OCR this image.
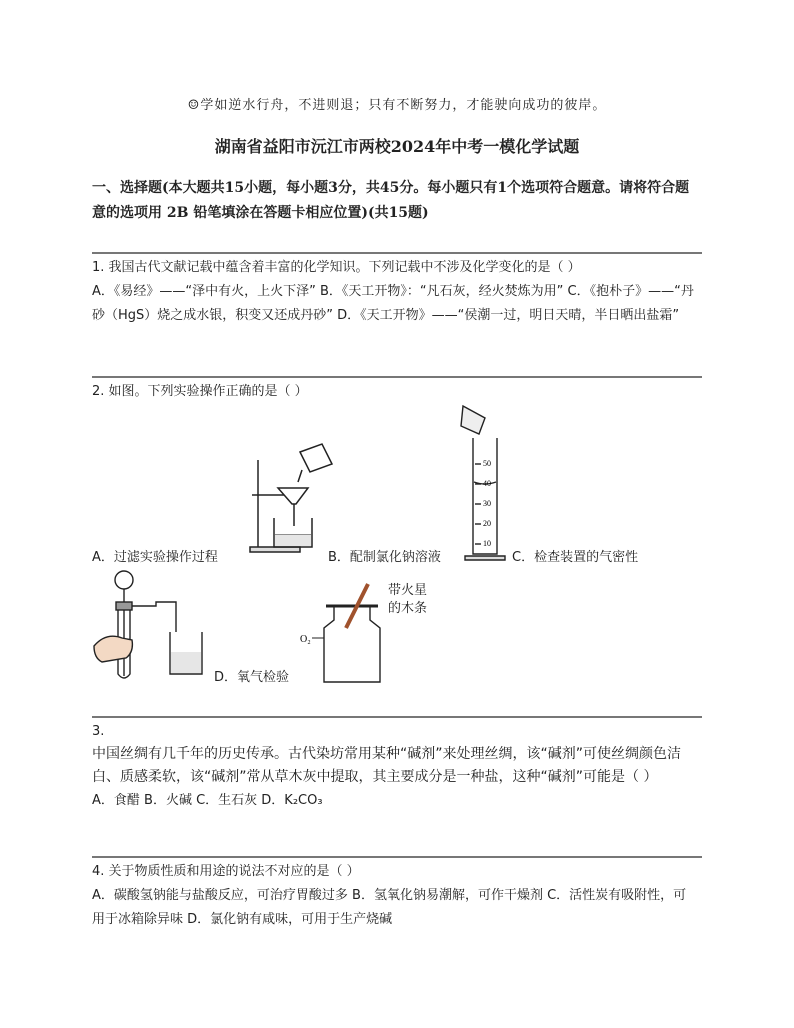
☺学如逆水行舟，不进则退；只有不断努力，才能驶向成功的彼岸。
湖南省益阳市沅江市两校2024年中考一模化学试题
一、选择题(本大题共15小题，每小题3分，共45分。每小题只有1个选项符合题意。请将符合题意的选项用 2B 铅笔填涂在答题卡相应位置)(共15题)

1. 我国古代文献记载中蕴含着丰富的化学知识。下列记载中不涉及化学变化的是（ ）

A．《易经》——“泽中有火，上火下泽” B．《天工开物》：“凡石灰，经火焚炼为用” C．《抱朴子》——“丹砂（HgS）烧之成水银，积变又还成丹砂” D．《天工开物》——“侯潮一过，明日天晴，半日晒出盐霜”

2. 如图。下列实验操作正确的是（ ）

A．过滤实验操作过程
50
40
30
20
10
B．配制氯化钠溶液	C．检查装置的气密性
O₂
带火星
的木条
D．氧气检验

3.

中国丝绸有几千年的历史传承。古代染坊常用某种“碱剂”来处理丝绸，该“碱剂”可使丝绸颜色洁白、质感柔软，该“碱剂”常从草木灰中提取，其主要成分是一种盐，这种“碱剂”可能是（ ）

A．食醋 B．火碱 C．生石灰 D．K₂CO₃

4. 关于物质性质和用途的说法不对应的是（ ）

A．碳酸氢钠能与盐酸反应，可治疗胃酸过多 B．氢氧化钠易潮解，可作干燥剂 C．活性炭有吸附性，可用于冰箱除异味 D．氯化钠有咸味，可用于生产烧碱
